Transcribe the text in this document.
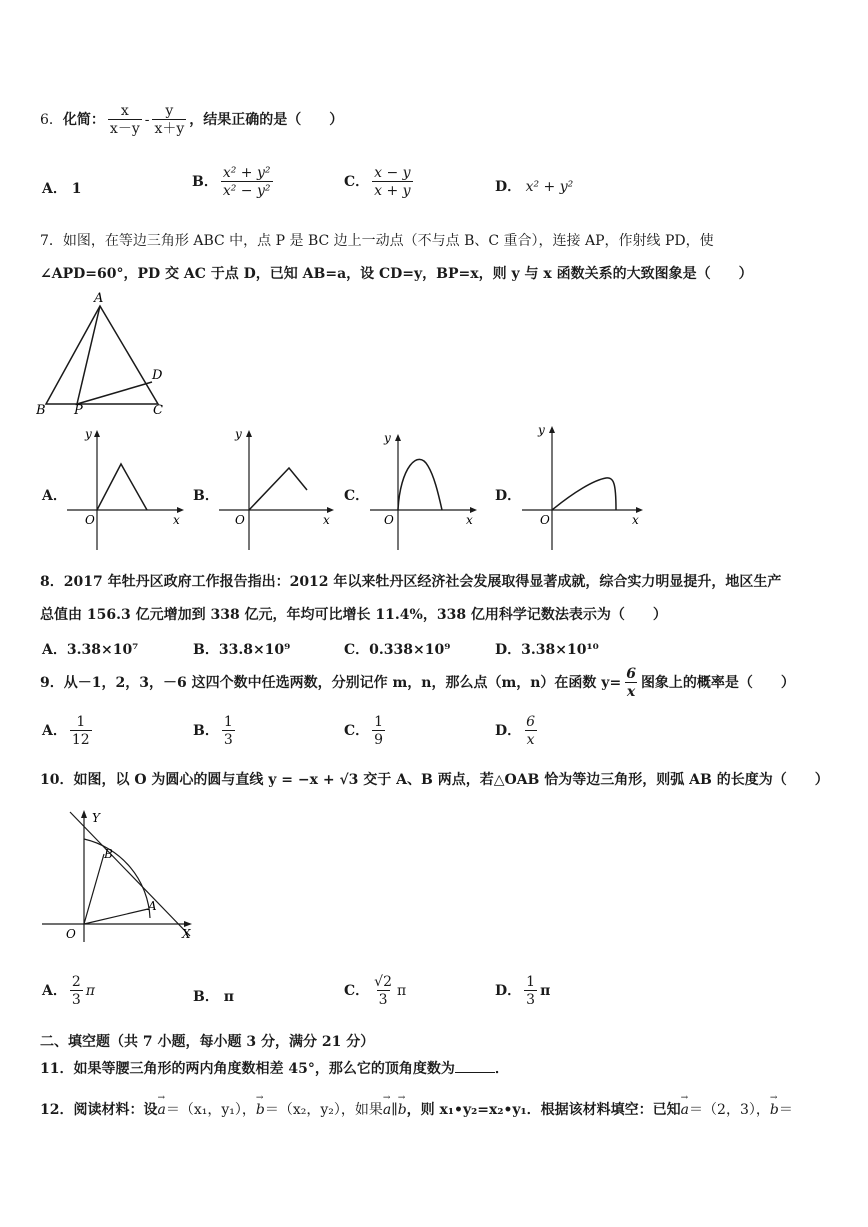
6．化简： $\frac{x}{x-y} - \frac{y}{x+y}$ ，结果正确的是（　　）
A． 1	B． $\frac{\text{x² + y²}}{\text{x² − y²}}$	C． $\frac{x - y}{x + y}$	D． x² + y²
7．如图，在等边三角形 ABC 中，点 P 是 BC 边上一动点（不与点 B、C 重合），连接 AP，作射线 PD，使
∠APD=60°，PD 交 AC 于点 D，已知 AB=a，设 CD=y，BP=x，则 y 与 x 函数关系的大致图象是（　　）
A
B	C
D
P
A．
y
x
O
B．
y
x
O
C．
y
x
O
D．
y
x
O
8．2017 年牡丹区政府工作报告指出：2012 年以来牡丹区经济社会发展取得显著成就，综合实力明显提升，地区生产
总值由 156.3 亿元增加到 338 亿元，年均可比增长 11.4%，338 亿用科学记数法表示为（　　）
A．3.38×10⁷	B．33.8×10⁹	C．0.338×10⁹	D．3.38×10¹⁰
9．从－1，2，3，－6 这四个数中任选两数，分别记作 m，n，那么点（m，n）在函数 $y= \frac{6}{x}$ 图象上的概率是（　　）
A． $\frac{1}{12}$	B． $\frac{1}{3}$	C． $\frac{1}{9}$	D． $\frac{6}{x}$
10．如图，以 O 为圆心的圆与直线 y = −x + √3 交于 A、B 两点，若△OAB 恰为等边三角形，则弧 AB 的长度为（　　）
Y
X
O
B
A
A． $\frac{2}{3}$ π	B． π	C． $\frac{√2}{3}$ π	D． $\frac{1}{3}$ π
二、填空题（共 7 小题，每小题 3 分，满分 21 分）
11．如果等腰三角形的两内角度数相差 45°，那么它的顶角度数为	．
12．阅读材料：设→ a＝（x₁，y₁），→ b＝（x₂，y₂），如果→ a∥→ b，则 x₁•y₂=x₂•y₁．根据该材料填空：已知→ a＝（2，3），→ b＝
